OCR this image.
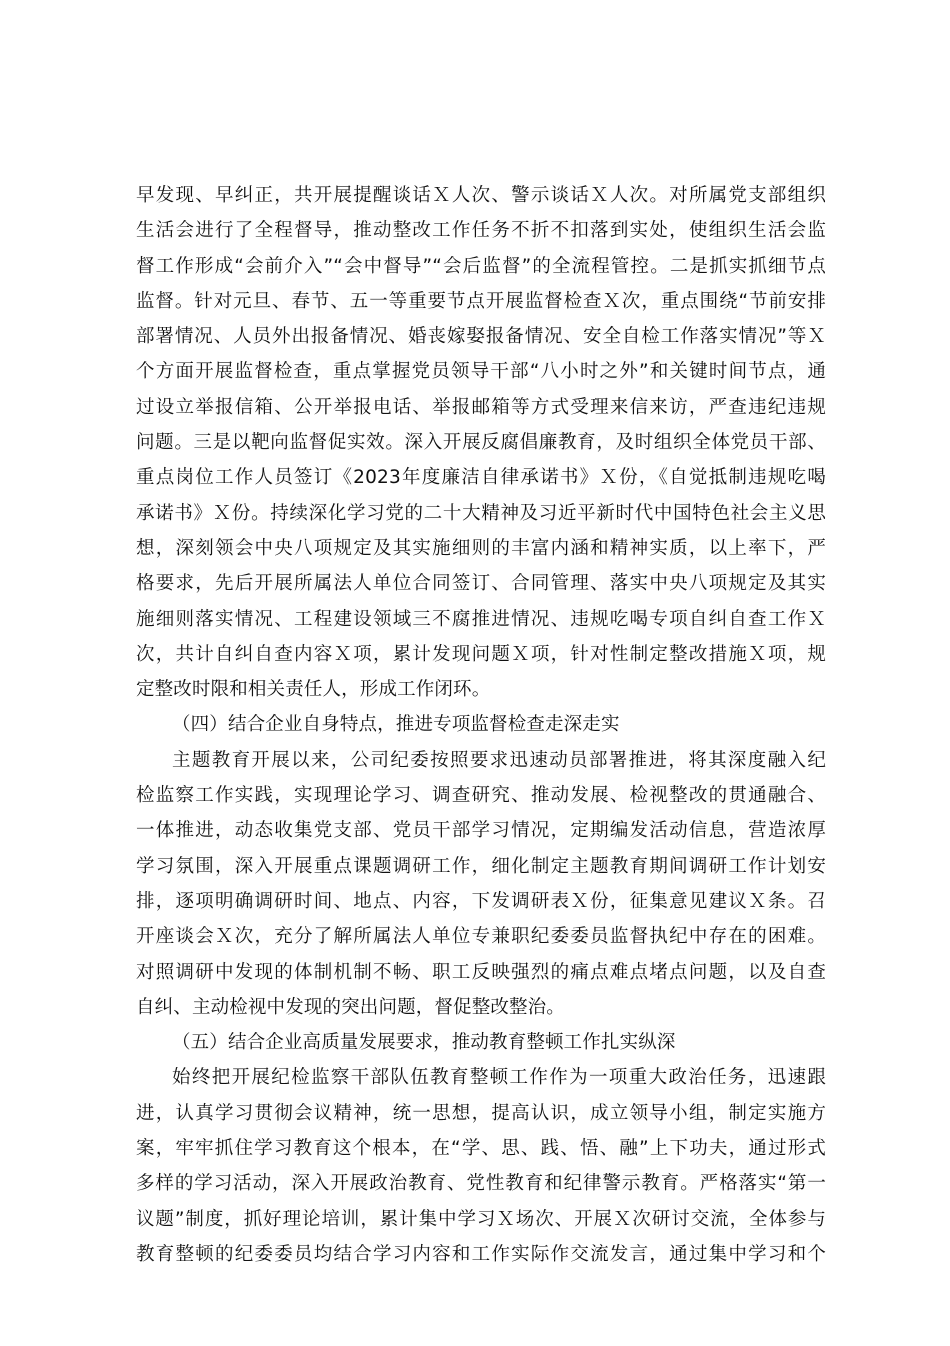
早发现、早纠正，共开展提醒谈话Ｘ人次、警示谈话Ｘ人次。对所属党支部组织
生活会进行了全程督导，推动整改工作任务不折不扣落到实处，使组织生活会监
督工作形成“会前介入”“会中督导”“会后监督”的全流程管控。二是抓实抓细节点
监督。针对元旦、春节、五一等重要节点开展监督检查Ｘ次，重点围绕“节前安排
部署情况、人员外出报备情况、婚丧嫁娶报备情况、安全自检工作落实情况”等Ｘ
个方面开展监督检查，重点掌握党员领导干部“八小时之外”和关键时间节点，通
过设立举报信箱、公开举报电话、举报邮箱等方式受理来信来访，严查违纪违规
问题。三是以靶向监督促实效。深入开展反腐倡廉教育，及时组织全体党员干部、
重点岗位工作人员签订《2023年度廉洁自律承诺书》Ｘ份，《自觉抵制违规吃喝
承诺书》Ｘ份。持续深化学习党的二十大精神及习近平新时代中国特色社会主义思
想，深刻领会中央八项规定及其实施细则的丰富内涵和精神实质，以上率下，严
格要求，先后开展所属法人单位合同签订、合同管理、落实中央八项规定及其实
施细则落实情况、工程建设领域三不腐推进情况、违规吃喝专项自纠自查工作Ｘ
次，共计自纠自查内容Ｘ项，累计发现问题Ｘ项，针对性制定整改措施Ｘ项，规
定整改时限和相关责任人，形成工作闭环。
（四）结合企业自身特点，推进专项监督检查走深走实
主题教育开展以来，公司纪委按照要求迅速动员部署推进，将其深度融入纪
检监察工作实践，实现理论学习、调查研究、推动发展、检视整改的贯通融合、
一体推进，动态收集党支部、党员干部学习情况，定期编发活动信息，营造浓厚
学习氛围，深入开展重点课题调研工作，细化制定主题教育期间调研工作计划安
排，逐项明确调研时间、地点、内容，下发调研表Ｘ份，征集意见建议Ｘ条。召
开座谈会Ｘ次，充分了解所属法人单位专兼职纪委委员监督执纪中存在的困难。
对照调研中发现的体制机制不畅、职工反映强烈的痛点难点堵点问题，以及自查
自纠、主动检视中发现的突出问题，督促整改整治。
（五）结合企业高质量发展要求，推动教育整顿工作扎实纵深
始终把开展纪检监察干部队伍教育整顿工作作为一项重大政治任务，迅速跟
进，认真学习贯彻会议精神，统一思想，提高认识，成立领导小组，制定实施方
案，牢牢抓住学习教育这个根本，在“学、思、践、悟、融”上下功夫，通过形式
多样的学习活动，深入开展政治教育、党性教育和纪律警示教育。严格落实“第一
议题”制度，抓好理论培训，累计集中学习Ｘ场次、开展Ｘ次研讨交流，全体参与
教育整顿的纪委委员均结合学习内容和工作实际作交流发言，通过集中学习和个
